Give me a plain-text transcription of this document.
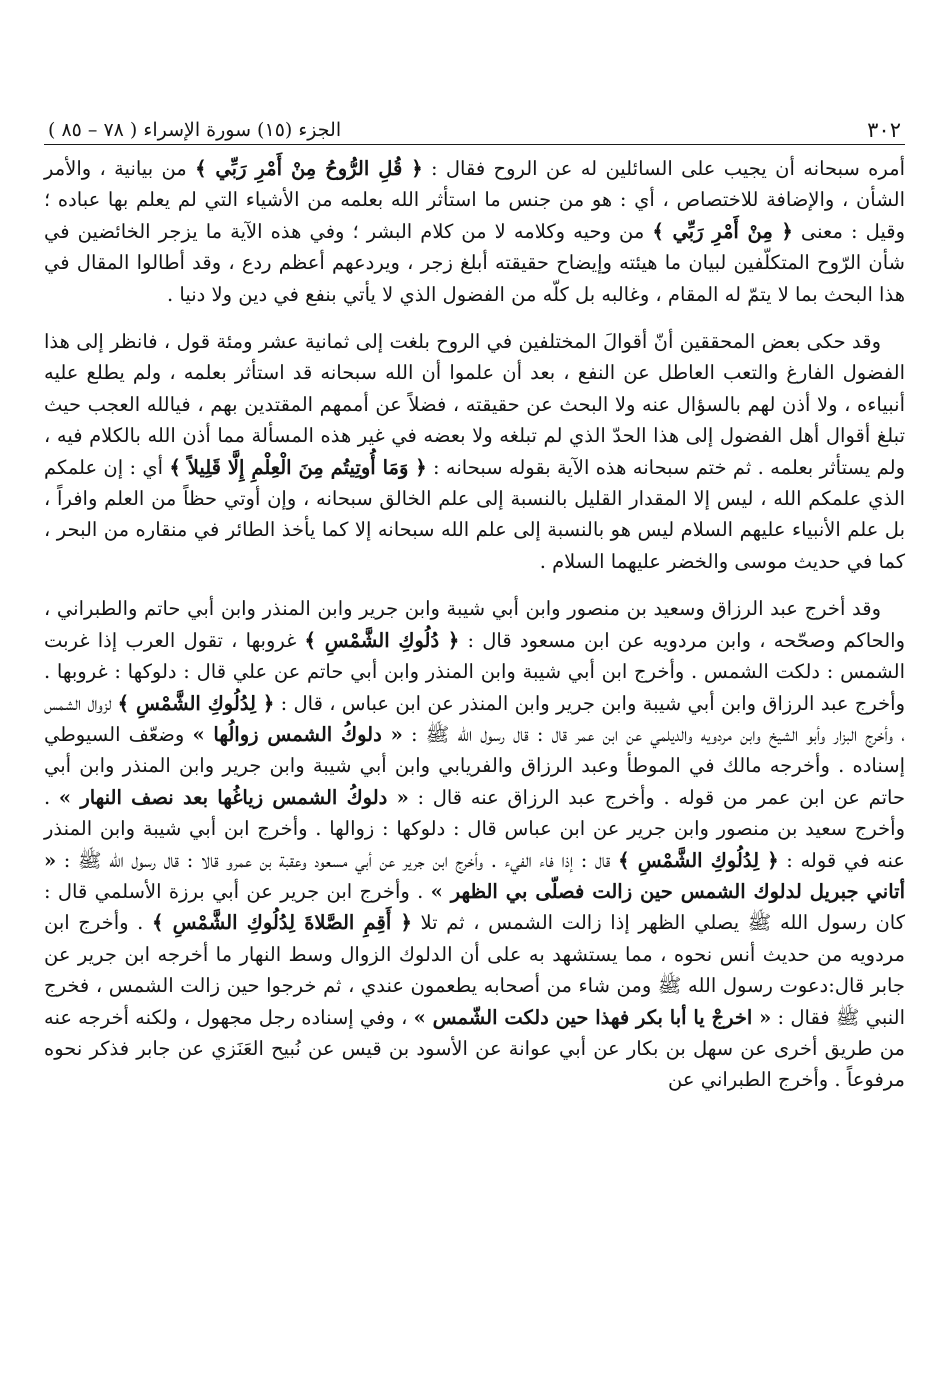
٣٠٢
الجزء (١٥) سورة الإسراء ( ٧٨ – ٨٥ )

أمره سبحانه أن يجيب على السائلين له عن الروح فقال : ﴿ قُلِ الرُّوحُ مِنْ أَمْرِ رَبِّي ﴾ من بيانية ، والأمر الشأن ، والإضافة للاختصاص ، أي : هو من جنس ما استأثر الله بعلمه من الأشياء التي لم يعلم بها عباده ؛ وقيل : معنى ﴿ مِنْ أَمْرِ رَبِّي ﴾ من وحيه وكلامه لا من كلام البشر ؛ وفي هذه الآية ما يزجر الخائضين في شأن الرّوح المتكلّفين لبيان ما هيئته وإيضاح حقيقته أبلغ زجر ، ويردعهم أعظم ردع ، وقد أطالوا المقال في هذا البحث بما لا يتمّ له المقام ، وغالبه بل كلّه من الفضول الذي لا يأتي بنفع في دين ولا دنيا .

وقد حكى بعض المحققين أنّ أقوالَ المختلفين في الروح بلغت إلى ثمانية عشر ومئة قول ، فانظر إلى هذا الفضول الفارغ والتعب العاطل عن النفع ، بعد أن علموا أن الله سبحانه قد استأثر بعلمه ، ولم يطلع عليه أنبياءه ، ولا أذن لهم بالسؤال عنه ولا البحث عن حقيقته ، فضلاً عن أممهم المقتدين بهم ، فيالله العجب حيث تبلغ أقوال أهل الفضول إلى هذا الحدّ الذي لم تبلغه ولا بعضه في غير هذه المسألة مما أذن الله بالكلام فيه ، ولم يستأثر بعلمه . ثم ختم سبحانه هذه الآية بقوله سبحانه : ﴿ وَمَا أُوتِيتُم مِنَ الْعِلْمِ إِلَّا قَلِيلاً ﴾ أي : إن علمكم الذي علمكم الله ، ليس إلا المقدار القليل بالنسبة إلى علم الخالق سبحانه ، وإن أوتي حظاً من العلم وافراً ، بل علم الأنبياء عليهم السلام ليس هو بالنسبة إلى علم الله سبحانه إلا كما يأخذ الطائر في منقاره من البحر ، كما في حديث موسى والخضر عليهما السلام .

وقد أخرج عبد الرزاق وسعيد بن منصور وابن أبي شيبة وابن جرير وابن المنذر وابن أبي حاتم والطبراني ، والحاكم وصحّحه ، وابن مردويه عن ابن مسعود قال : ﴿ دُلُوكِ الشَّمْسِ ﴾ غروبها ، تقول العرب إذا غربت الشمس : دلكت الشمس . وأخرج ابن أبي شيبة وابن المنذر وابن أبي حاتم عن علي قال : دلوكها : غروبها . وأخرج عبد الرزاق وابن أبي شيبة وابن جرير وابن المنذر عن ابن عباس ، قال : ﴿ لِدُلُوكِ الشَّمْسِ ﴾ لزوال الشمس ، وأخرج البزار وأبو الشيخ وابن مردويه والديلمي عن ابن عمر قال : قال رسول الله ﷺ : « دلوكُ الشمس زوالُها » وضعّف السيوطي إسناده . وأخرجه مالك في الموطأ وعبد الرزاق والفريابي وابن أبي شيبة وابن جرير وابن المنذر وابن أبي حاتم عن ابن عمر من قوله . وأخرج عبد الرزاق عنه قال : « دلوكُ الشمس زياغُها بعد نصف النهار » . وأخرج سعيد بن منصور وابن جرير عن ابن عباس قال : دلوكها : زوالها . وأخرج ابن أبي شيبة وابن المنذر عنه في قوله : ﴿ لِدُلُوكِ الشَّمْسِ ﴾ قال : إذا فاء الفيء . وأخرج ابن جرير عن أبي مسعود وعقبة بن عمرو قالا : قال رسول الله ﷺ : « أتاني جبريل لدلوك الشمس حين زالت فصلّى بي الظهر » . وأخرج ابن جرير عن أبي برزة الأسلمي قال : كان رسول الله ﷺ يصلي الظهر إذا زالت الشمس ، ثم تلا ﴿ أَقِمِ الصَّلاةَ لِدُلُوكِ الشَّمْسِ ﴾ . وأخرج ابن مردويه من حديث أنس نحوه ، مما يستشهد به على أن الدلوك الزوال وسط النهار ما أخرجه ابن جرير عن جابر قال:دعوت رسول الله ﷺ ومن شاء من أصحابه يطعمون عندي ، ثم خرجوا حين زالت الشمس ، فخرج النبي ﷺ فقال : « اخرجْ يا أبا بكر فهذا حين دلكت الشّمس » ، وفي إسناده رجل مجهول ، ولكنه أخرجه عنه من طريق أخرى عن سهل بن بكار عن أبي عوانة عن الأسود بن قيس عن نُبيح العَنَزي عن جابر فذكر نحوه مرفوعاً . وأخرج الطبراني عن
